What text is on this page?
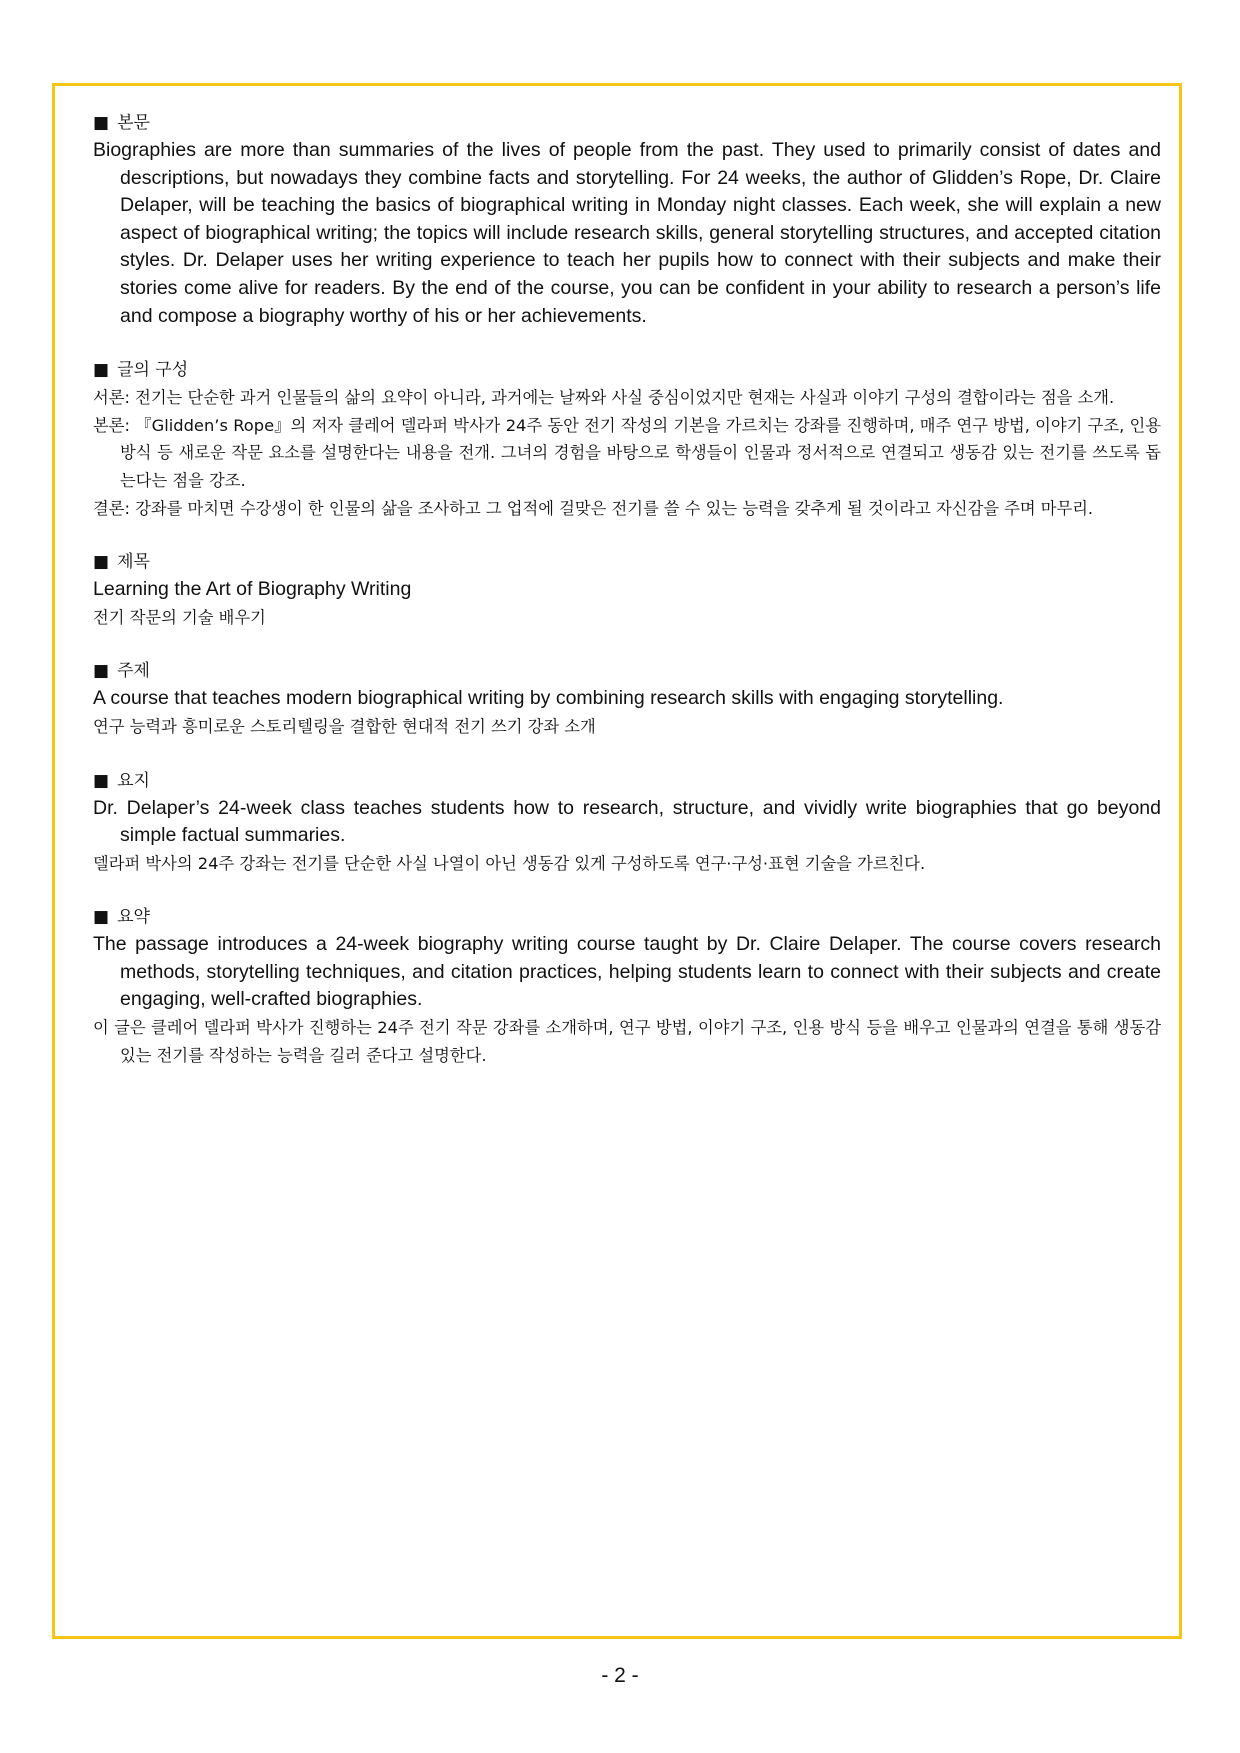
■ 본문

Biographies are more than summaries of the lives of people from the past. They used to primarily consist of dates and descriptions, but nowadays they combine facts and storytelling. For 24 weeks, the author of Glidden’s Rope, Dr. Claire Delaper, will be teaching the basics of biographical writing in Monday night classes. Each week, she will explain a new aspect of biographical writing; the topics will include research skills, general storytelling structures, and accepted citation styles. Dr. Delaper uses her writing experience to teach her pupils how to connect with their subjects and make their stories come alive for readers. By the end of the course, you can be confident in your ability to research a person’s life and compose a biography worthy of his or her achievements.

■ 글의 구성

서론: 전기는 단순한 과거 인물들의 삶의 요약이 아니라, 과거에는 날짜와 사실 중심이었지만 현재는 사실과 이야기 구성의 결합이라는 점을 소개.

본론: 『Glidden’s Rope』의 저자 클레어 델라퍼 박사가 24주 동안 전기 작성의 기본을 가르치는 강좌를 진행하며, 매주 연구 방법, 이야기 구조, 인용 방식 등 새로운 작문 요소를 설명한다는 내용을 전개. 그녀의 경험을 바탕으로 학생들이 인물과 정서적으로 연결되고 생동감 있는 전기를 쓰도록 돕는다는 점을 강조.

결론: 강좌를 마치면 수강생이 한 인물의 삶을 조사하고 그 업적에 걸맞은 전기를 쓸 수 있는 능력을 갖추게 될 것이라고 자신감을 주며 마무리.

■ 제목

Learning the Art of Biography Writing

전기 작문의 기술 배우기

■ 주제

A course that teaches modern biographical writing by combining research skills with engaging storytelling.

연구 능력과 흥미로운 스토리텔링을 결합한 현대적 전기 쓰기 강좌 소개

■ 요지

Dr. Delaper’s 24-week class teaches students how to research, structure, and vividly write biographies that go beyond simple factual summaries.

델라퍼 박사의 24주 강좌는 전기를 단순한 사실 나열이 아닌 생동감 있게 구성하도록 연구·구성·표현 기술을 가르친다.

■ 요약

The passage introduces a 24-week biography writing course taught by Dr. Claire Delaper. The course covers research methods, storytelling techniques, and citation practices, helping students learn to connect with their subjects and create engaging, well-crafted biographies.

이 글은 클레어 델라퍼 박사가 진행하는 24주 전기 작문 강좌를 소개하며, 연구 방법, 이야기 구조, 인용 방식 등을 배우고 인물과의 연결을 통해 생동감 있는 전기를 작성하는 능력을 길러 준다고 설명한다.

- 2 -
